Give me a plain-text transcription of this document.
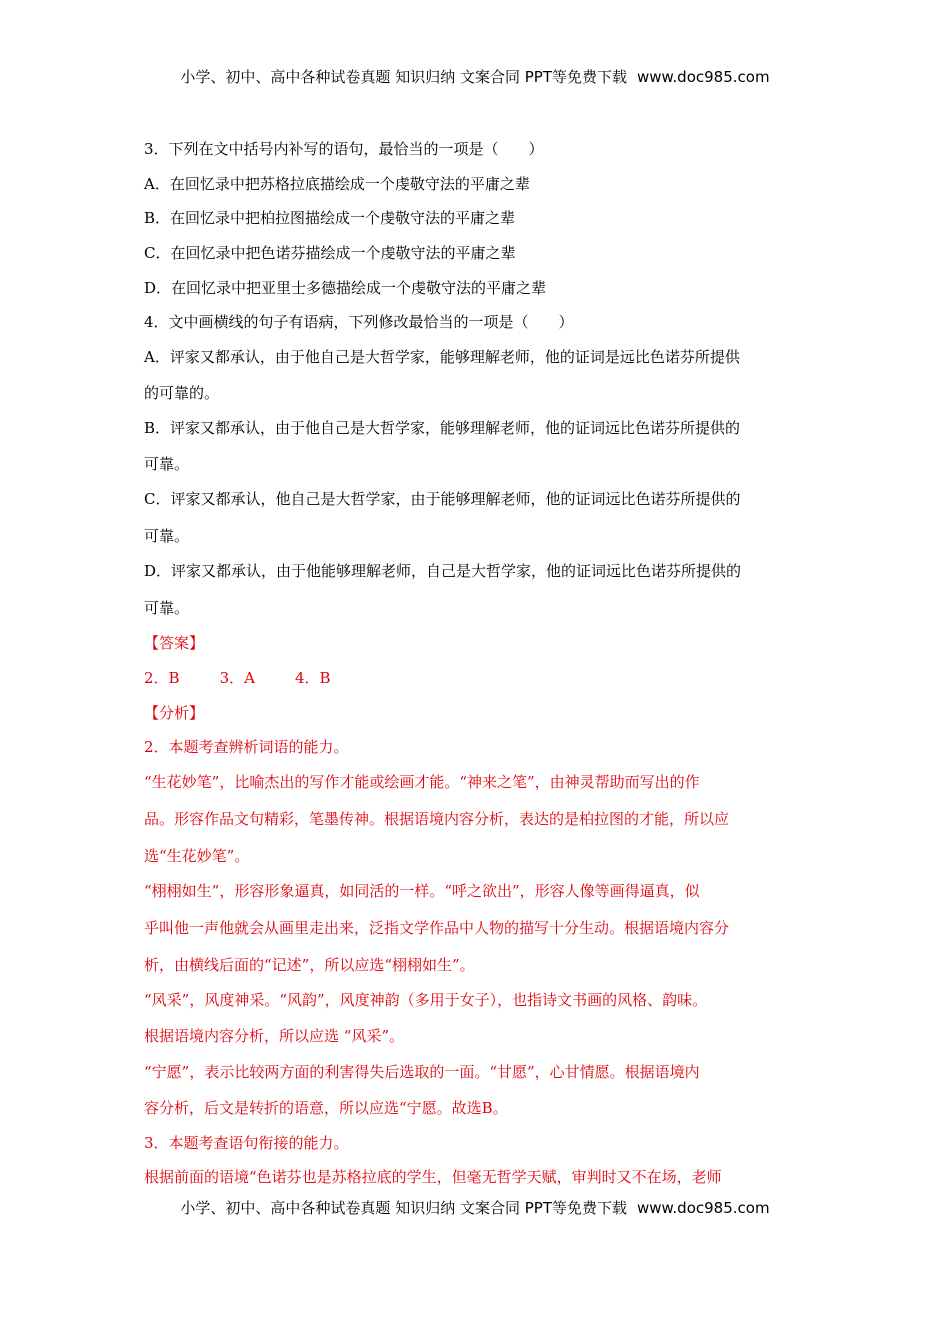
小学、初中、高中各种试卷真题 知识归纳 文案合同 PPT等免费下载 www.doc985.com
3．下列在文中括号内补写的语句，最恰当的一项是（　　）
A．在回忆录中把苏格拉底描绘成一个虔敬守法的平庸之辈
B．在回忆录中把柏拉图描绘成一个虔敬守法的平庸之辈
C．在回忆录中把色诺芬描绘成一个虔敬守法的平庸之辈
D．在回忆录中把亚里士多德描绘成一个虔敬守法的平庸之辈
4．文中画横线的句子有语病，下列修改最恰当的一项是（　　）
A．评家又都承认，由于他自己是大哲学家，能够理解老师，他的证词是远比色诺芬所提供
的可靠的。
B．评家又都承认，由于他自己是大哲学家，能够理解老师，他的证词远比色诺芬所提供的
可靠。
C．评家又都承认，他自己是大哲学家，由于能够理解老师，他的证词远比色诺芬所提供的
可靠。
D．评家又都承认，由于他能够理解老师，自己是大哲学家，他的证词远比色诺芬所提供的
可靠。
【答案】
2．B	3．A	4．B
【分析】
2．本题考查辨析词语的能力。
“生花妙笔”，比喻杰出的写作才能或绘画才能。“神来之笔”，由神灵帮助而写出的作
品。形容作品文句精彩，笔墨传神。根据语境内容分析，表达的是柏拉图的才能，所以应
选“生花妙笔”。
“栩栩如生”，形容形象逼真，如同活的一样。“呼之欲出”，形容人像等画得逼真，似
乎叫他一声他就会从画里走出来，泛指文学作品中人物的描写十分生动。根据语境内容分
析，由横线后面的“记述”，所以应选“栩栩如生”。
“风采”，风度神采。“风韵”，风度神韵（多用于女子），也指诗文书画的风格、韵味。
根据语境内容分析，所以应选 “风采”。
“宁愿”，表示比较两方面的利害得失后选取的一面。“甘愿”，心甘情愿。根据语境内
容分析，后文是转折的语意，所以应选“宁愿。故选B。
3．本题考查语句衔接的能力。
根据前面的语境“色诺芬也是苏格拉底的学生，但毫无哲学天赋，审判时又不在场，老师
小学、初中、高中各种试卷真题 知识归纳 文案合同 PPT等免费下载 www.doc985.com
